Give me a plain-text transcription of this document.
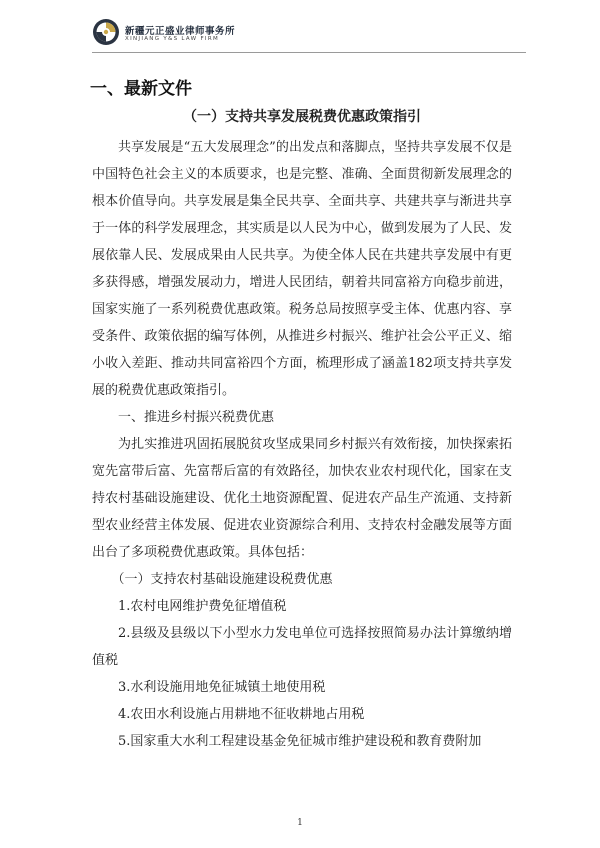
新疆元正盛业律师事务所
XINJIANG Y&S LAW FIRM
一、最新文件
（一）支持共享发展税费优惠政策指引

共享发展是“五大发展理念”的出发点和落脚点，坚持共享发展不仅是中国特色社会主义的本质要求，也是完整、准确、全面贯彻新发展理念的根本价值导向。共享发展是集全民共享、全面共享、共建共享与渐进共享于一体的科学发展理念，其实质是以人民为中心，做到发展为了人民、发展依靠人民、发展成果由人民共享。为使全体人民在共建共享发展中有更多获得感，增强发展动力，增进人民团结，朝着共同富裕方向稳步前进，国家实施了一系列税费优惠政策。税务总局按照享受主体、优惠内容、享受条件、政策依据的编写体例，从推进乡村振兴、维护社会公平正义、缩小收入差距、推动共同富裕四个方面，梳理形成了涵盖182项支持共享发展的税费优惠政策指引。

一、推进乡村振兴税费优惠

为扎实推进巩固拓展脱贫攻坚成果同乡村振兴有效衔接，加快探索拓宽先富带后富、先富帮后富的有效路径，加快农业农村现代化，国家在支持农村基础设施建设、优化土地资源配置、促进农产品生产流通、支持新型农业经营主体发展、促进农业资源综合利用、支持农村金融发展等方面出台了多项税费优惠政策。具体包括：

（一）支持农村基础设施建设税费优惠

1.农村电网维护费免征增值税

2.县级及县级以下小型水力发电单位可选择按照简易办法计算缴纳增值税

3.水利设施用地免征城镇土地使用税

4.农田水利设施占用耕地不征收耕地占用税

5.国家重大水利工程建设基金免征城市维护建设税和教育费附加

1
